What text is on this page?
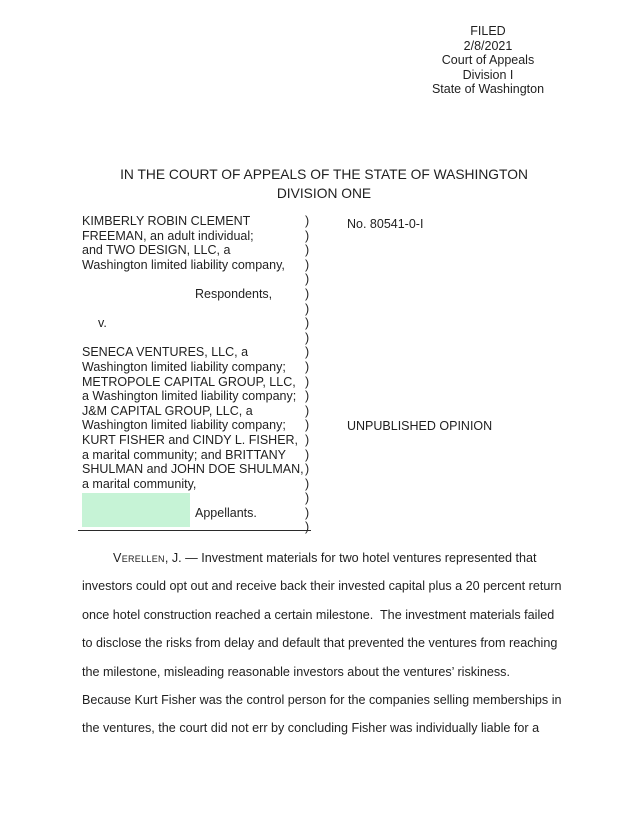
FILED
2/8/2021
Court of Appeals
Division I
State of Washington
IN THE COURT OF APPEALS OF THE STATE OF WASHINGTON
DIVISION ONE
KIMBERLY ROBIN CLEMENT
FREEMAN, an adult individual;
and TWO DESIGN, LLC, a
Washington limited liability company,

Respondents,

v.

SENECA VENTURES, LLC, a
Washington limited liability company;
METROPOLE CAPITAL GROUP, LLC,
a Washington limited liability company;
J&M CAPITAL GROUP, LLC, a
Washington limited liability company;
KURT FISHER and CINDY L. FISHER,
a marital community; and BRITTANY
SHULMAN and JOHN DOE SHULMAN,
a marital community,

Appellants.

)
)
)
)
)
)
)
)
)
)
)
)
)
)
)
)
)
)
)
)
)
)
No. 80541-0-I
UNPUBLISHED OPINION
Verellen, J. — Investment materials for two hotel ventures represented that
investors could opt out and receive back their invested capital plus a 20 percent return
once hotel construction reached a certain milestone.  The investment materials failed
to disclose the risks from delay and default that prevented the ventures from reaching
the milestone, misleading reasonable investors about the ventures’ riskiness.
Because Kurt Fisher was the control person for the companies selling memberships in
the ventures, the court did not err by concluding Fisher was individually liable for a
